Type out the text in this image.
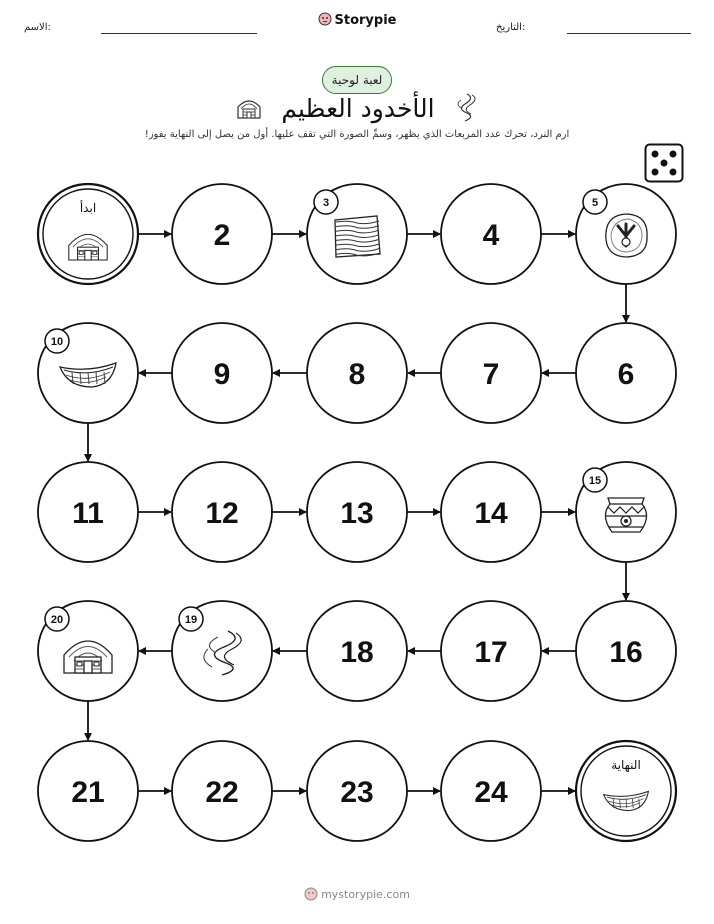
الاسم:	التاريخ:
Storypie
لعبة لوحية
الأخدود العظيم
ارم النرد، تحرك عدد المربعات الذي يظهر، وسمِّ الصورة التي تقف عليها. أول من يصل إلى النهاية يفوز!
ابدأ
2
3
4
5
6
7
8
9
10
11	12	13	14
15
16
17
18
19
20
21	22	23	24
النهاية
mystorypie.com
